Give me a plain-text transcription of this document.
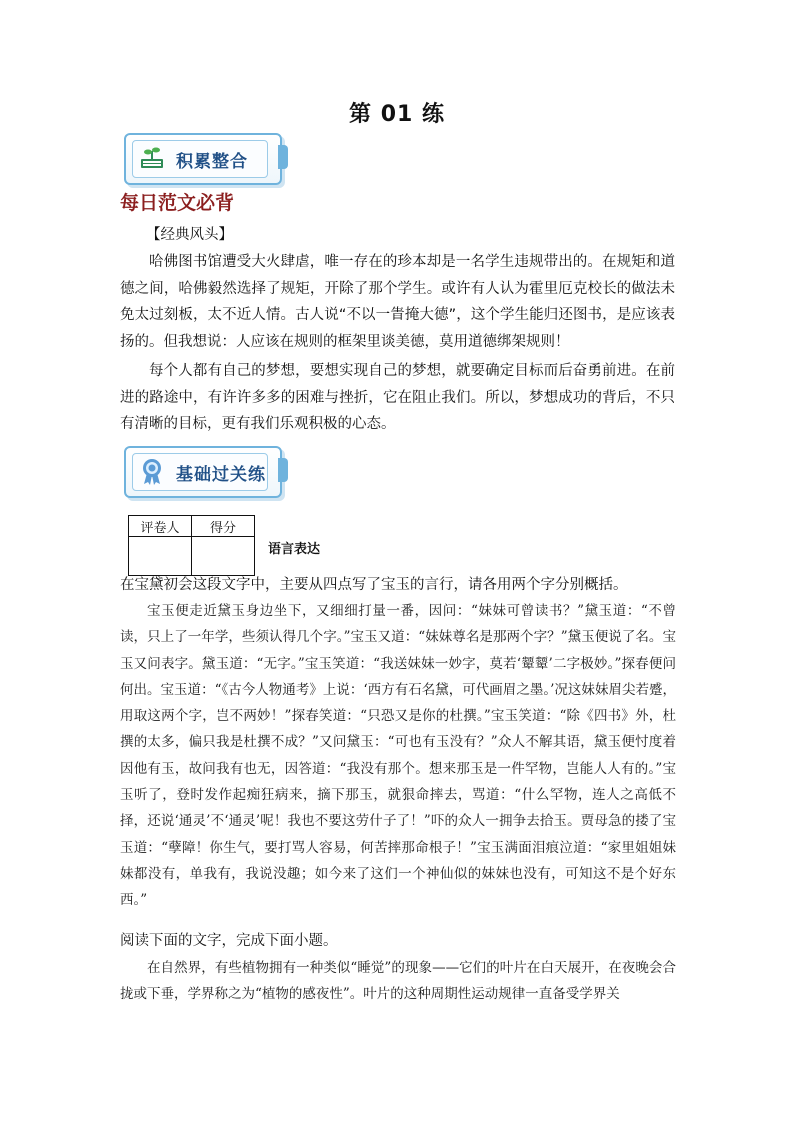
第 01 练
积累整合
每日范文必背
【经典风头】
哈佛图书馆遭受大火肆虐，唯一存在的珍本却是一名学生违规带出的。在规矩和道德之间，哈佛毅然选择了规矩，开除了那个学生。或许有人认为霍里厄克校长的做法未免太过刻板，太不近人情。古人说“不以一眚掩大德”，这个学生能归还图书，是应该表扬的。但我想说：人应该在规则的框架里谈美德，莫用道德绑架规则！
每个人都有自己的梦想，要想实现自己的梦想，就要确定目标而后奋勇前进。在前进的路途中，有许许多多的困难与挫折，它在阻止我们。所以，梦想成功的背后，不只有清晰的目标，更有我们乐观积极的心态。
基础过关练
评卷人	得分

语言表达
在宝黛初会这段文字中，主要从四点写了宝玉的言行，请各用两个字分别概括。
宝玉便走近黛玉身边坐下，又细细打量一番，因问：“妹妹可曾读书？”黛玉道：“不曾读，只上了一年学，些须认得几个字。”宝玉又道：“妹妹尊名是那两个字？”黛玉便说了名。宝玉又问表字。黛玉道：“无字。”宝玉笑道：“我送妹妹一妙字，莫若‘颦颦’二字极妙。”探春便问何出。宝玉道：“《古今人物通考》上说：‘西方有石名黛，可代画眉之墨。’况这妹妹眉尖若蹙，用取这两个字，岂不两妙！”探春笑道：“只恐又是你的杜撰。”宝玉笑道：“除《四书》外，杜撰的太多，偏只我是杜撰不成？”又问黛玉：“可也有玉没有？”众人不解其语，黛玉便忖度着因他有玉，故问我有也无，因答道：“我没有那个。想来那玉是一件罕物，岂能人人有的。”宝玉听了，登时发作起痴狂病来，摘下那玉，就狠命摔去，骂道：“什么罕物，连人之高低不择，还说‘通灵’不‘通灵’呢！我也不要这劳什子了！”吓的众人一拥争去拾玉。贾母急的搂了宝玉道：“孽障！你生气，要打骂人容易，何苦摔那命根子！”宝玉满面泪痕泣道：“家里姐姐妹妹都没有，单我有，我说没趣；如今来了这们一个神仙似的妹妹也没有，可知这不是个好东西。”
阅读下面的文字，完成下面小题。
在自然界，有些植物拥有一种类似“睡觉”的现象——它们的叶片在白天展开，在夜晚会合拢或下垂，学界称之为“植物的感夜性”。叶片的这种周期性运动规律一直备受学界关
